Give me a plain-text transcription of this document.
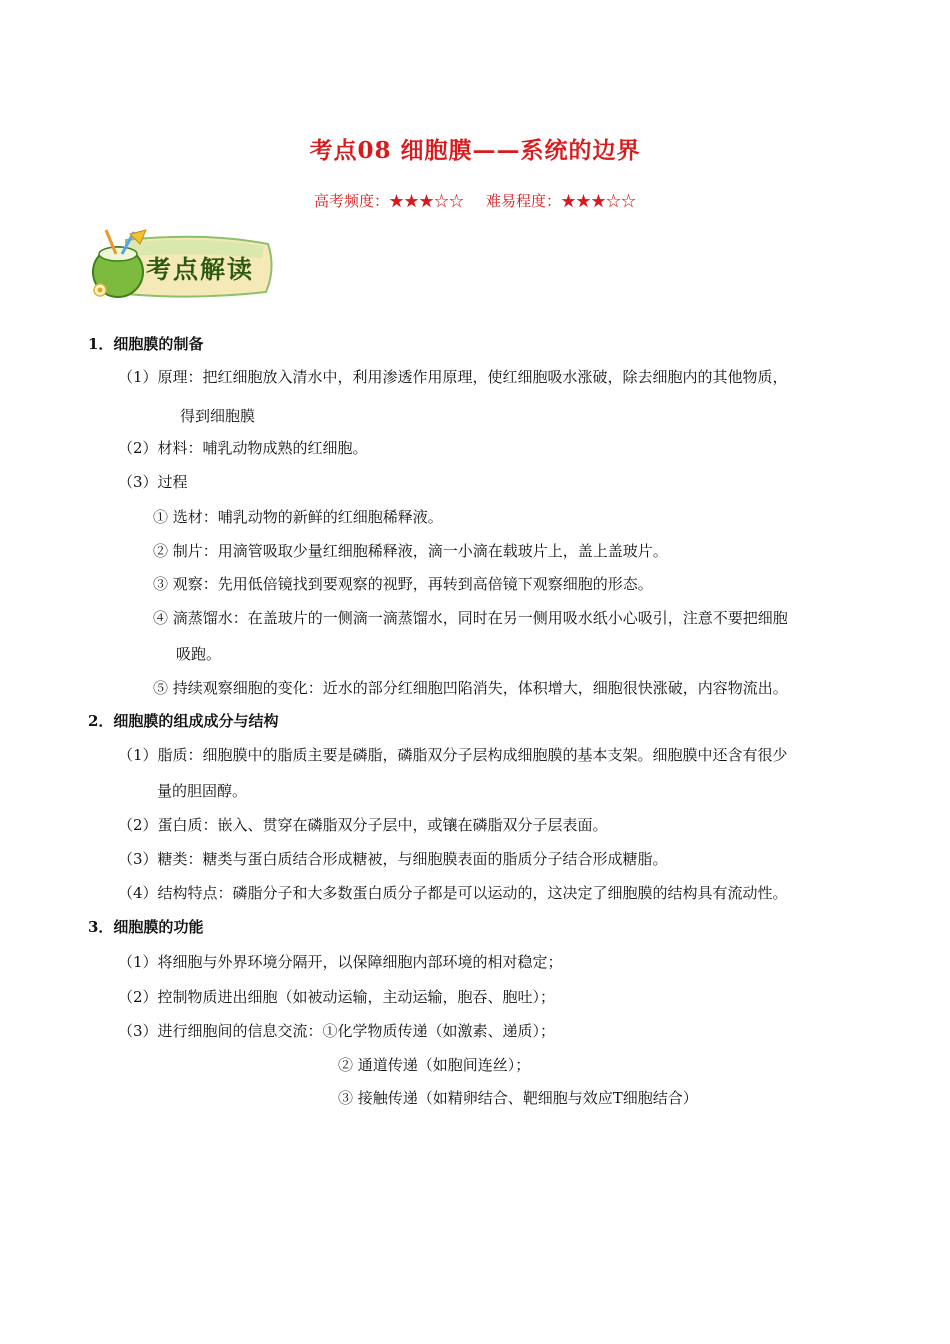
考点08 细胞膜——系统的边界
高考频度：★★★☆☆ 难易程度：★★★☆☆
考点解读
1．细胞膜的制备
（1）原理：把红细胞放入清水中，利用渗透作用原理，使红细胞吸水涨破，除去细胞内的其他物质，
得到细胞膜
（2）材料：哺乳动物成熟的红细胞。
（3）过程
① 选材：哺乳动物的新鲜的红细胞稀释液。
② 制片：用滴管吸取少量红细胞稀释液，滴一小滴在载玻片上，盖上盖玻片。
③ 观察：先用低倍镜找到要观察的视野，再转到高倍镜下观察细胞的形态。
④ 滴蒸馏水：在盖玻片的一侧滴一滴蒸馏水，同时在另一侧用吸水纸小心吸引，注意不要把细胞
吸跑。
⑤ 持续观察细胞的变化：近水的部分红细胞凹陷消失，体积增大，细胞很快涨破，内容物流出。
2．细胞膜的组成成分与结构
（1）脂质：细胞膜中的脂质主要是磷脂，磷脂双分子层构成细胞膜的基本支架。细胞膜中还含有很少
量的胆固醇。
（2）蛋白质：嵌入、贯穿在磷脂双分子层中，或镶在磷脂双分子层表面。
（3）糖类：糖类与蛋白质结合形成糖被，与细胞膜表面的脂质分子结合形成糖脂。
（4）结构特点：磷脂分子和大多数蛋白质分子都是可以运动的，这决定了细胞膜的结构具有流动性。
3．细胞膜的功能
（1）将细胞与外界环境分隔开，以保障细胞内部环境的相对稳定；
（2）控制物质进出细胞（如被动运输，主动运输，胞吞、胞吐）；
（3）进行细胞间的信息交流：①化学物质传递（如激素、递质）；
② 通道传递（如胞间连丝）；
③ 接触传递（如精卵结合、靶细胞与效应T细胞结合）
